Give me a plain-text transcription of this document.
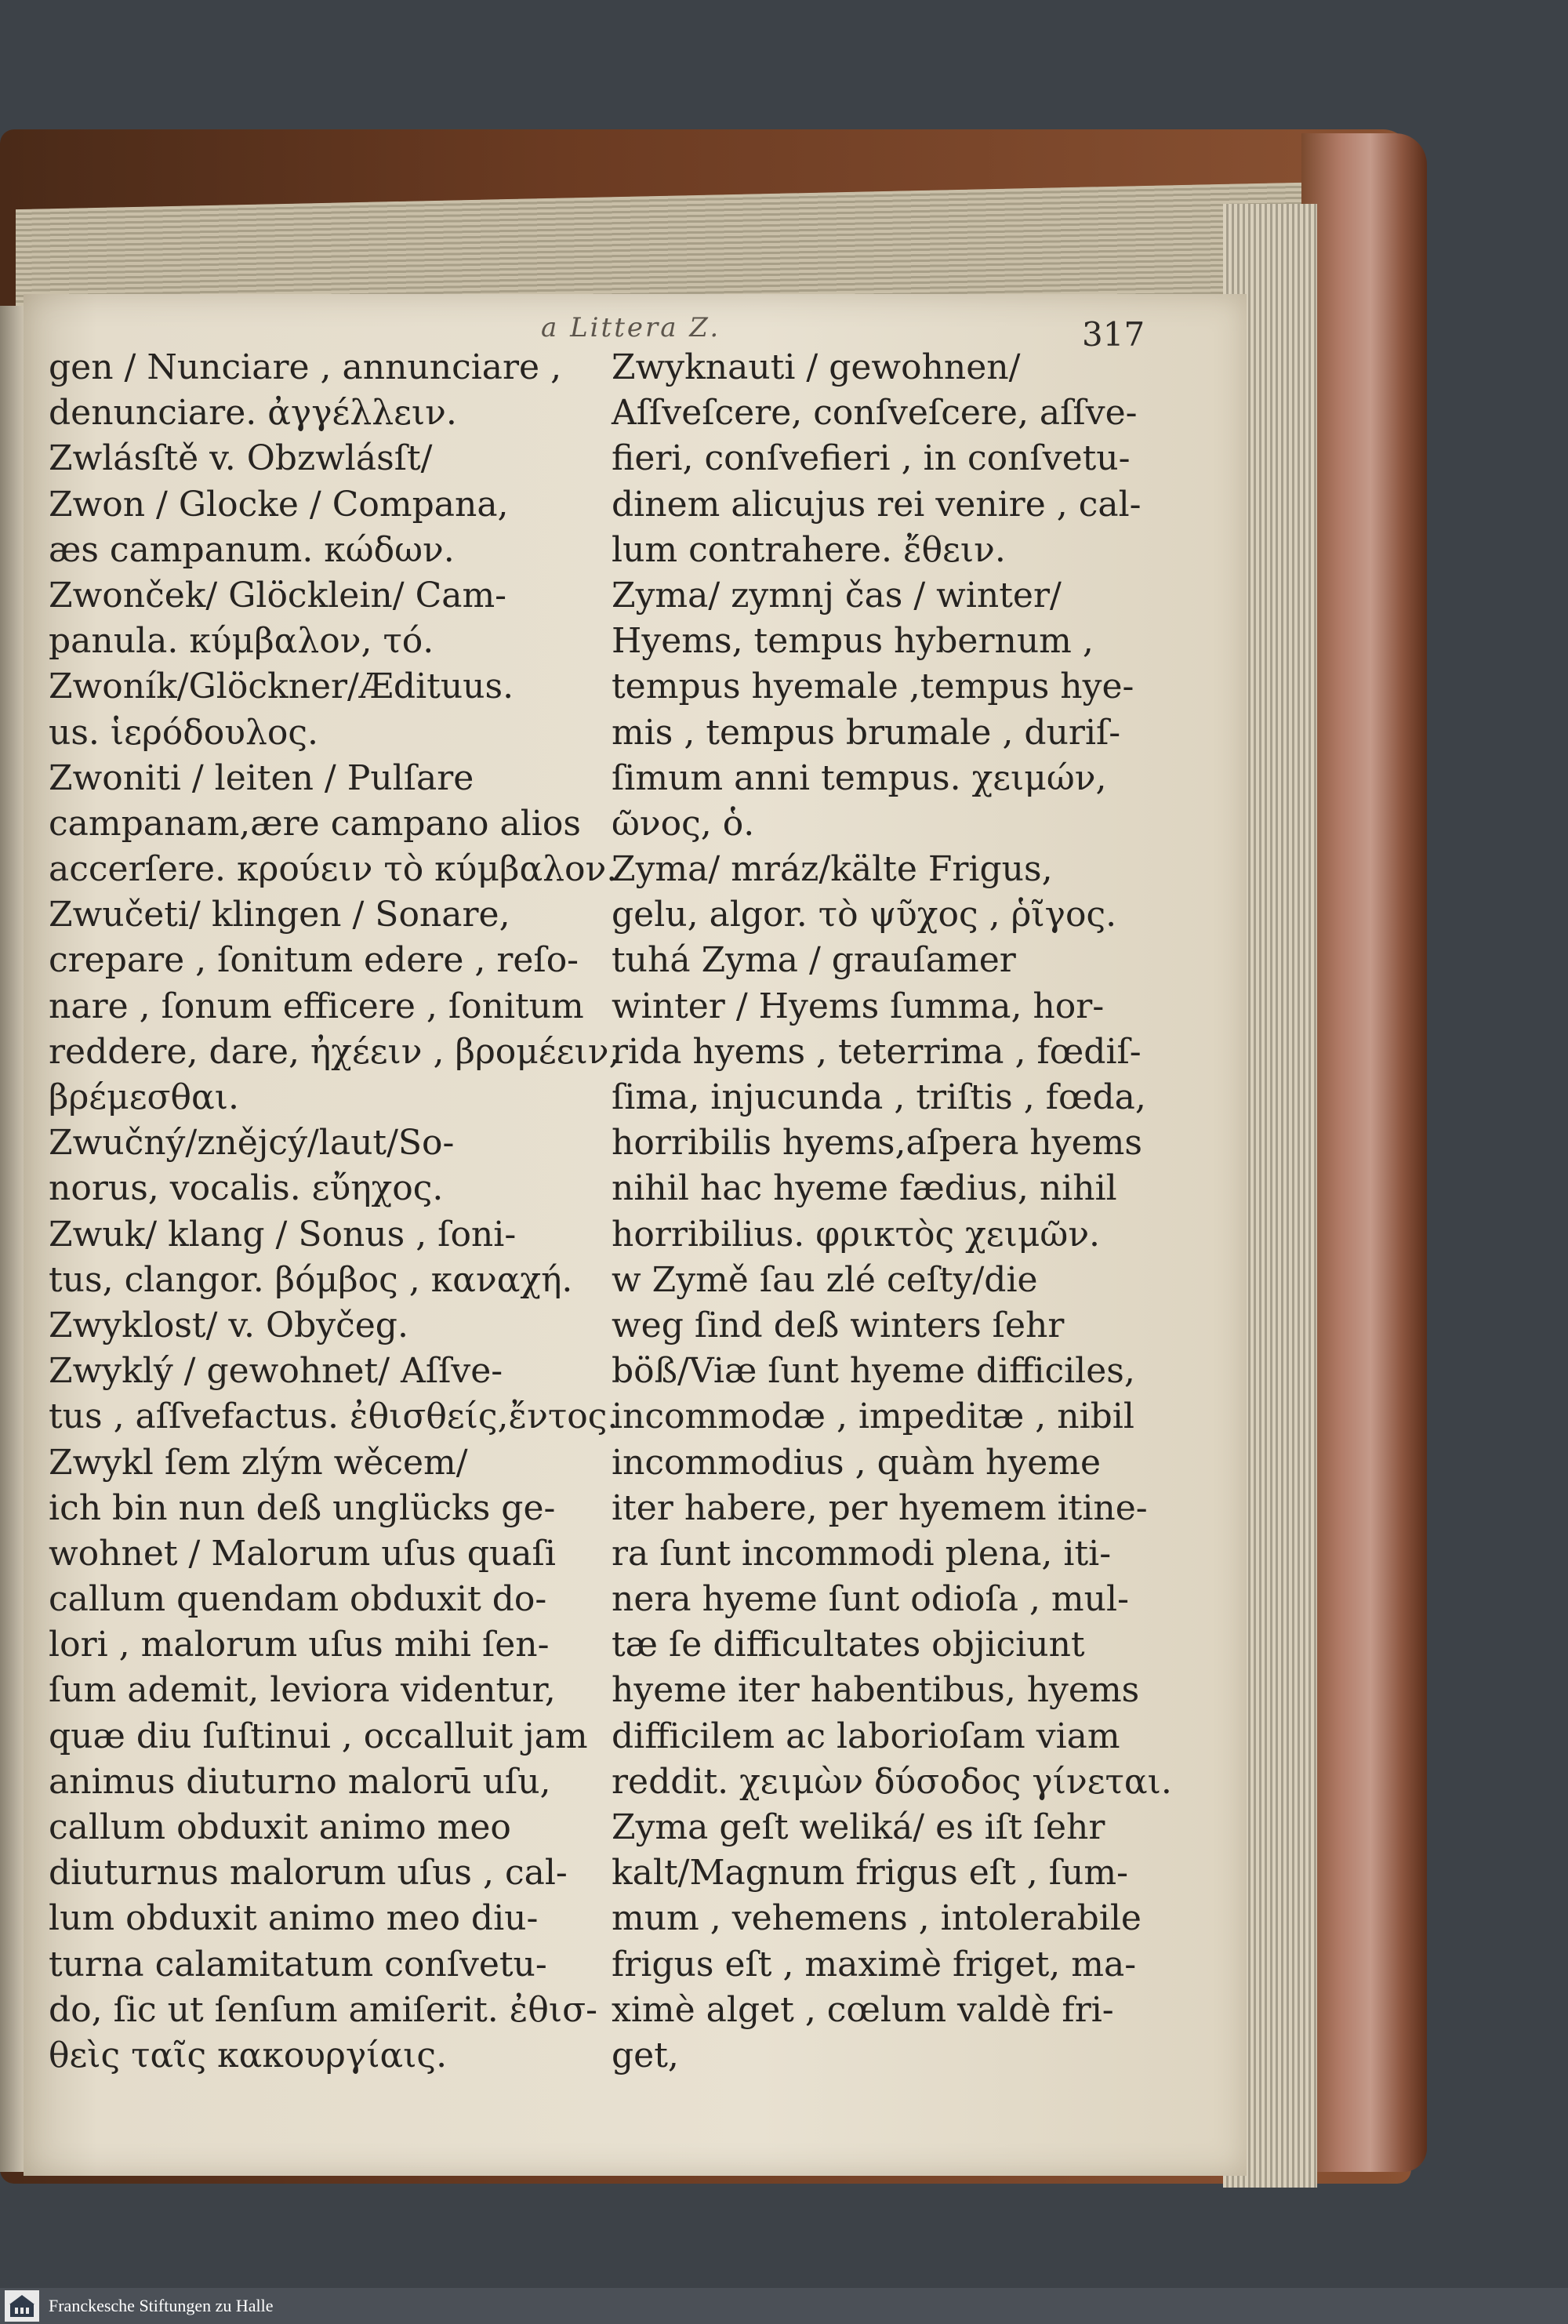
a Littera Z.	317
gen / Nunciare , annunciare ,
denunciare. ἀγγέλλειν.
Zwlásſtě v. Obzwlásſt/
Zwon / Glocke / Compana,
æs campanum. κώδων.
Zwonček/ Glöcklein/ Cam-
panula. κύμβαλον, τό.
Zwoník/Glöckner/Ædituus.
us. ἱερόδουλος.
Zwoniti / leiten / Pulſare
campanam,ære campano alios
accerſere. κρούειν τὸ κύμβαλον.
Zwučeti/ klingen / Sonare,
crepare , ſonitum edere , reſo-
nare , ſonum efficere , ſonitum
reddere, dare, ἠχέειν , βρομέειν,
βρέμεσθαι.
Zwučný/znějcý/laut/So-
norus, vocalis. εὔηχος.
Zwuk/ klang / Sonus , ſoni-
tus, clangor. βόμβος , καναχή.
Zwyklost/ v. Obyčeg.
Zwyklý / gewohnet/ Aſſve-
tus , aſſvefactus. ἐθισθείς,ἔντος.
Zwykl ſem zlým wěcem/
ich bin nun deß unglücks ge-
wohnet / Malorum uſus quaſi
callum quendam obduxit do-
lori , malorum uſus mihi ſen-
ſum ademit, leviora videntur,
quæ diu ſuſtinui , occalluit jam
animus diuturno malorū uſu,
callum obduxit animo meo
diuturnus malorum uſus , cal-
lum obduxit animo meo diu-
turna calamitatum conſvetu-
do, ſic ut ſenſum amiſerit. ἐθισ-
θεὶς ταῖς κακουργίαις.
Zwyknauti / gewohnen/
Aſſveſcere, conſveſcere, aſſve-
fieri, conſvefieri , in conſvetu-
dinem alicujus rei venire , cal-
lum contrahere. ἔθειν.
Zyma/ zymnj čas / winter/
Hyems, tempus hybernum ,
tempus hyemale ,tempus hye-
mis , tempus brumale , duriſ-
ſimum anni tempus. χειμών,
ῶνος, ὁ.
Zyma/ mráz/kälte Frigus,
gelu, algor. τὸ ψῦχος , ῥῖγος.
tuhá Zyma / grauſamer
winter / Hyems ſumma, hor-
rida hyems , teterrima , fœdiſ-
ſima, injucunda , triſtis , fœda,
horribilis hyems,aſpera hyems
nihil hac hyeme fædius, nihil
horribilius. φρικτὸς χειμῶν.
w Zymě ſau zlé ceſty/die
weg ſind deß winters ſehr
böß/Viæ ſunt hyeme difficiles,
incommodæ , impeditæ , nibil
incommodius , quàm hyeme
iter habere, per hyemem itine-
ra ſunt incommodi plena, iti-
nera hyeme ſunt odioſa , mul-
tæ ſe difficultates objiciunt
hyeme iter habentibus, hyems
difficilem ac laborioſam viam
reddit. χειμὼν δύσοδος γίνεται.
Zyma geſt weliká/ es iſt ſehr
kalt/Magnum frigus eſt , ſum-
mum , vehemens , intolerabile
frigus eſt , maximè friget, ma-
ximè alget , cœlum valdè fri-
get,
Franckesche Stiftungen zu Halle
